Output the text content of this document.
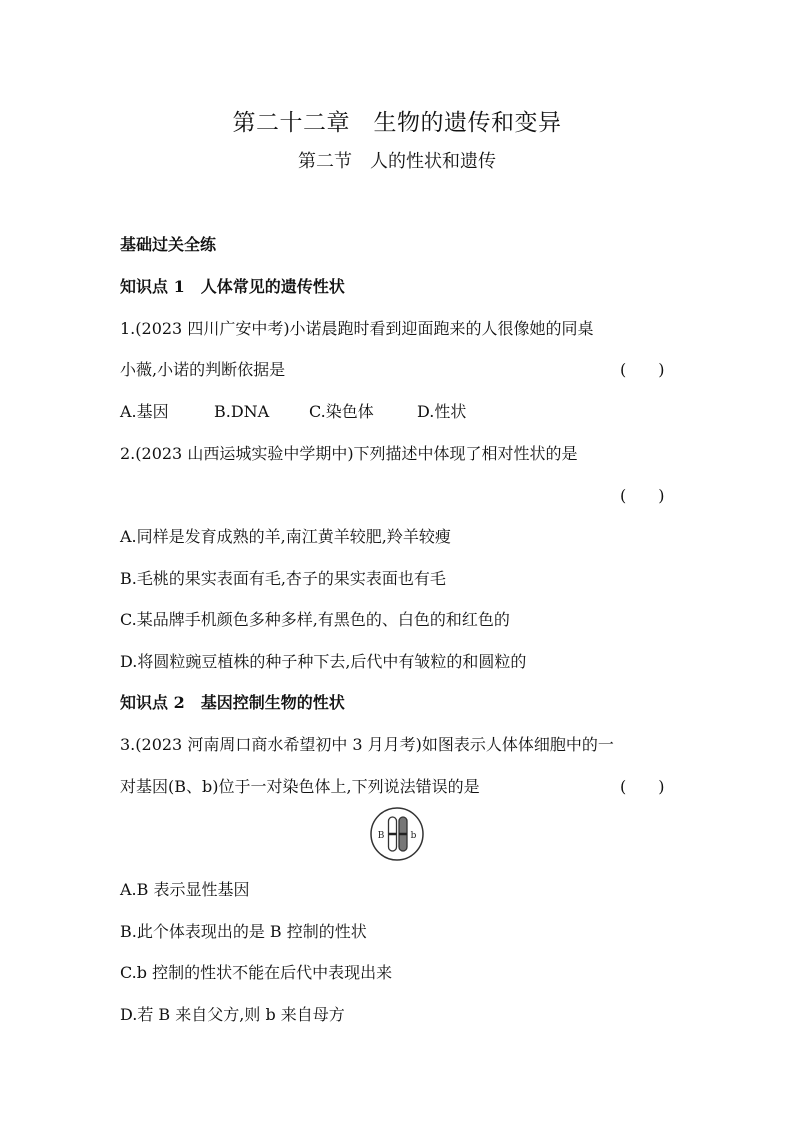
第二十二章　生物的遗传和变异
第二节　人的性状和遗传
基础过关全练
知识点 1　人体常见的遗传性状
1.(2023 四川广安中考)小诺晨跑时看到迎面跑来的人很像她的同桌
小薇,小诺的判断依据是	(　　)
A.基因	B.DNA C.染色体	D.性状
2.(2023 山西运城实验中学期中)下列描述中体现了相对性状的是
(　　)
A.同样是发育成熟的羊,南江黄羊较肥,羚羊较瘦
B.毛桃的果实表面有毛,杏子的果实表面也有毛
C.某品牌手机颜色多种多样,有黑色的、白色的和红色的
D.将圆粒豌豆植株的种子种下去,后代中有皱粒的和圆粒的
知识点 2　基因控制生物的性状
3.(2023 河南周口商水希望初中 3 月月考)如图表示人体体细胞中的一
对基因(B、b)位于一对染色体上,下列说法错误的是	(　　)
B	b
A.B 表示显性基因
B.此个体表现出的是 B 控制的性状
C.b 控制的性状不能在后代中表现出来
D.若 B 来自父方,则 b 来自母方
